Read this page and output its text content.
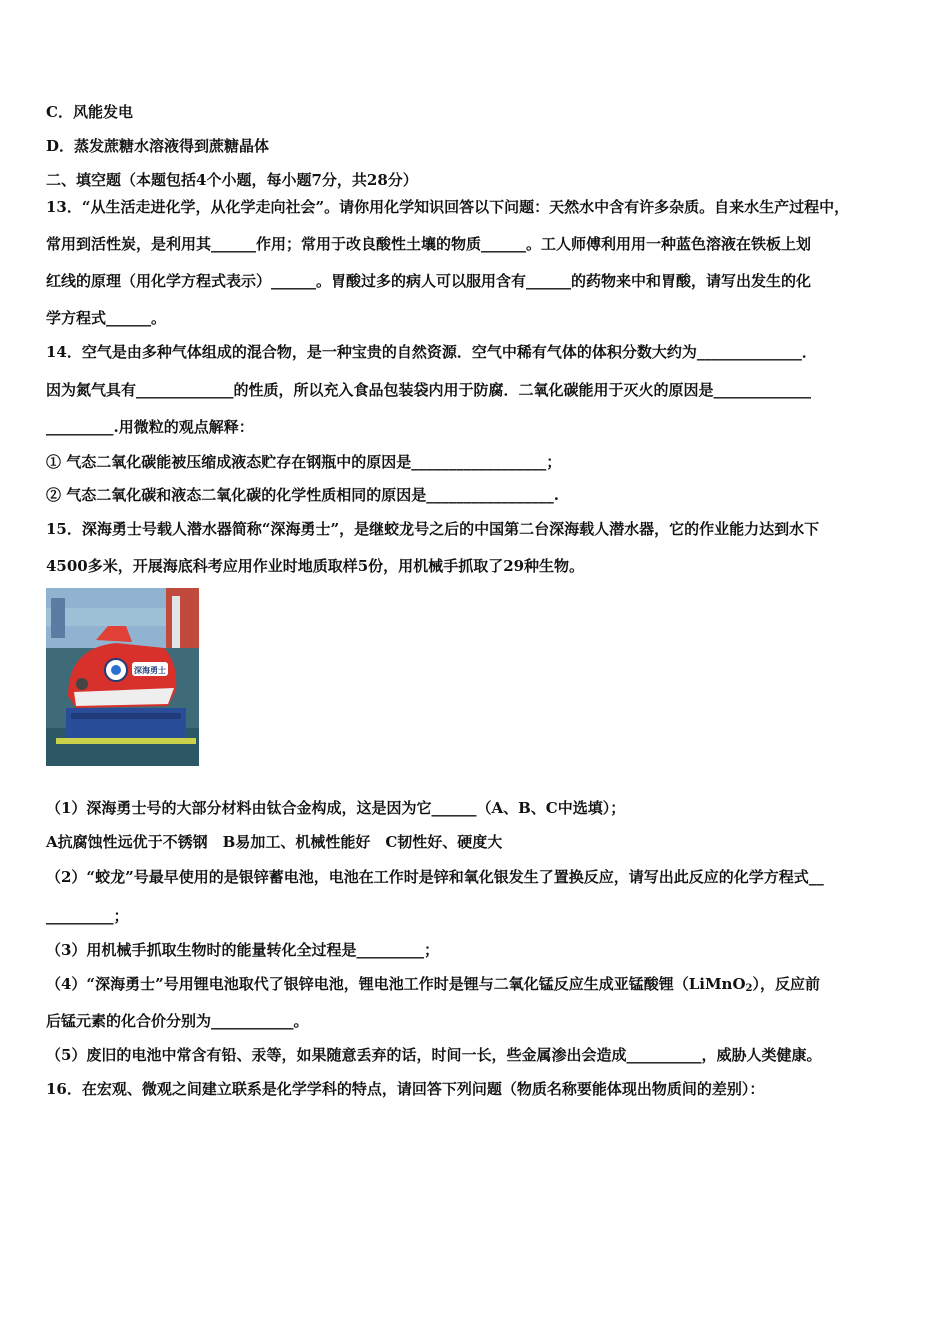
C．风能发电
D．蒸发蔗糖水溶液得到蔗糖晶体
二、填空题（本题包括4个小题，每小题7分，共28分）
13．“从生活走进化学，从化学走向社会”。请你用化学知识回答以下问题：天然水中含有许多杂质。自来水生产过程中，
常用到活性炭，是利用其______作用；常用于改良酸性土壤的物质______。工人师傅利用用一种蓝色溶液在铁板上划
红线的原理（用化学方程式表示）______。胃酸过多的病人可以服用含有______的药物来中和胃酸，请写出发生的化
学方程式______。
14．空气是由多种气体组成的混合物，是一种宝贵的自然资源．空气中稀有气体的体积分数大约为______________．
因为氮气具有_____________的性质，所以充入食品包装袋内用于防腐．二氧化碳能用于灭火的原因是_____________
_________.用微粒的观点解释：
① 气态二氧化碳能被压缩成液态贮存在钢瓶中的原因是__________________；
② 气态二氧化碳和液态二氧化碳的化学性质相同的原因是_________________.
15．深海勇士号载人潜水器简称“深海勇士”，是继蛟龙号之后的中国第二台深海载人潜水器，它的作业能力达到水下
4500多米，开展海底科考应用作业时地质取样5份，用机械手抓取了29种生物。
深海勇士
（1）深海勇士号的大部分材料由钛合金构成，这是因为它______（A、B、C中选填）；
A抗腐蚀性远优于不锈钢　B易加工、机械性能好　C韧性好、硬度大
（2）“蛟龙”号最早使用的是银锌蓄电池，电池在工作时是锌和氧化银发生了置换反应，请写出此反应的化学方程式__
_________；
（3）用机械手抓取生物时的能量转化全过程是_________；
（4）“深海勇士”号用锂电池取代了银锌电池，锂电池工作时是锂与二氧化锰反应生成亚锰酸锂（LiMnO$_2$），反应前
后锰元素的化合价分别为___________。
（5）废旧的电池中常含有铅、汞等，如果随意丢弃的话，时间一长，些金属渗出会造成__________，威胁人类健康。
16．在宏观、微观之间建立联系是化学学科的特点，请回答下列问题（物质名称要能体现出物质间的差别）：
